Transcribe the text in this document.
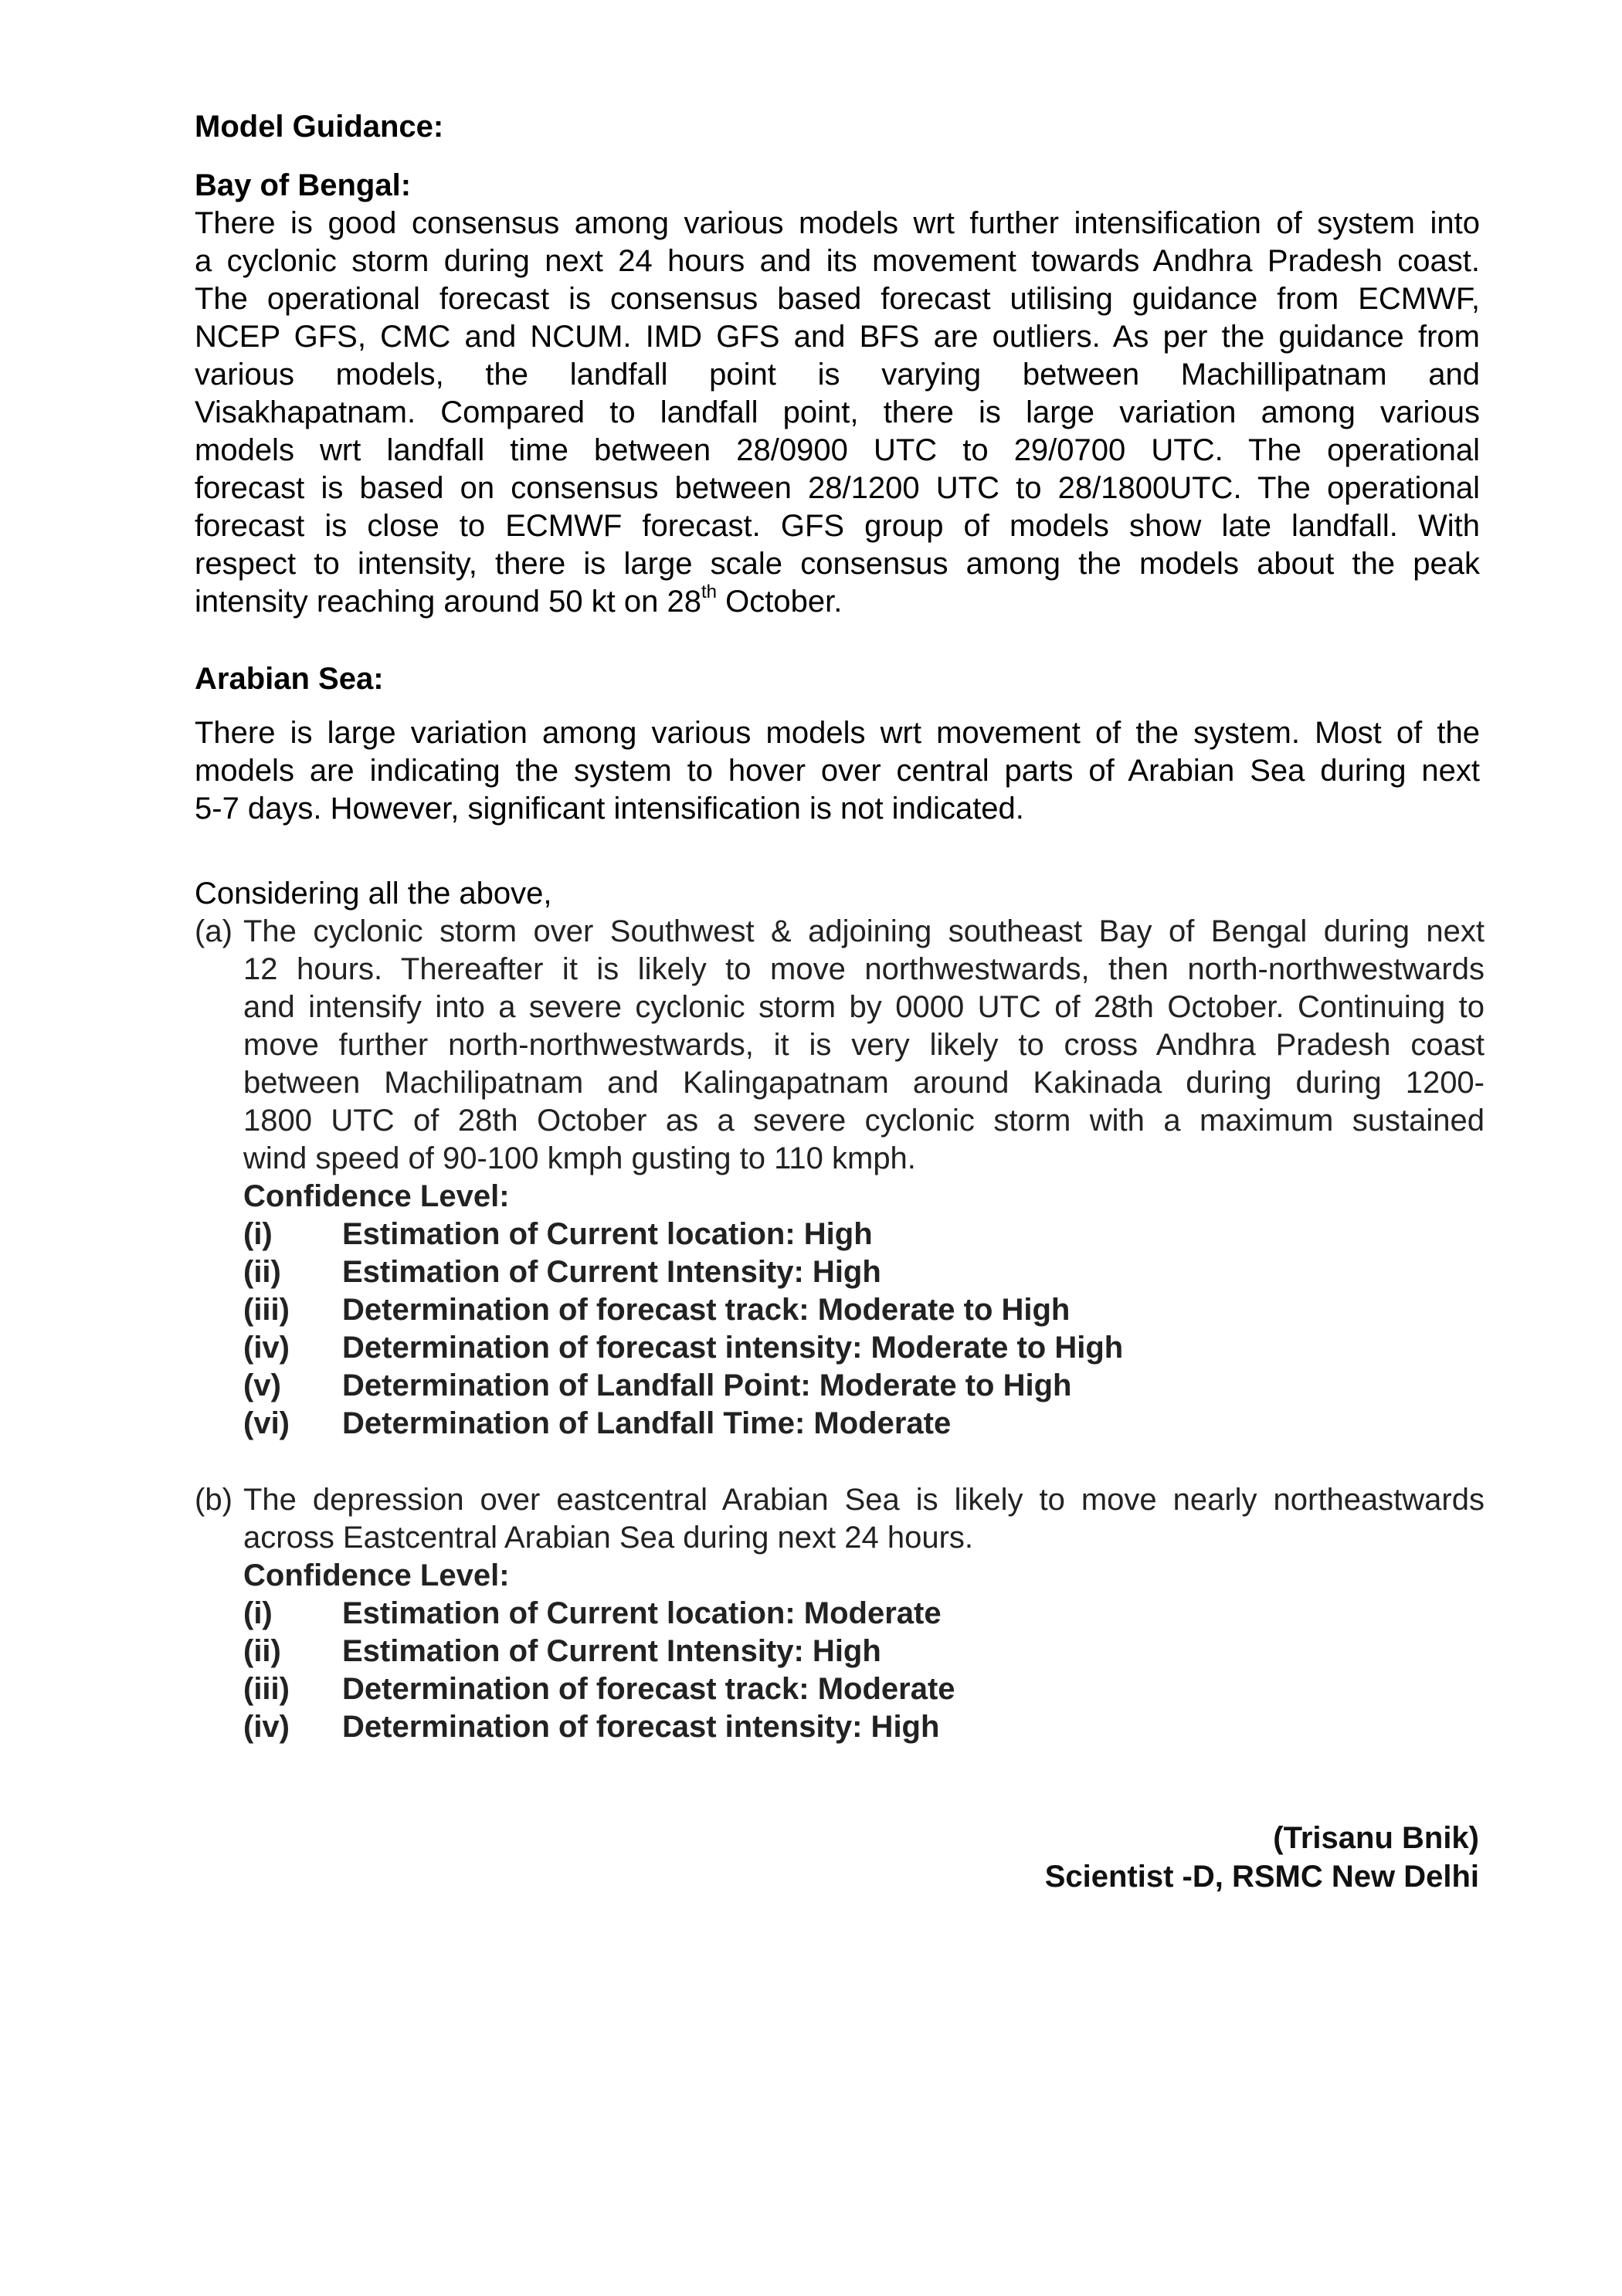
Model Guidance:
Bay of Bengal:
There is good consensus among various models wrt further intensification of system into
a cyclonic storm during next 24 hours and its movement towards Andhra Pradesh coast.
The operational forecast is consensus based forecast utilising guidance from ECMWF,
NCEP GFS, CMC and NCUM. IMD GFS and BFS are outliers. As per the guidance from
various models, the landfall point is varying between Machillipatnam and
Visakhapatnam. Compared to landfall point, there is large variation among various
models wrt landfall time between 28/0900 UTC to 29/0700 UTC. The operational
forecast is based on consensus between 28/1200 UTC to 28/1800UTC. The operational
forecast is close to ECMWF forecast. GFS group of models show late landfall. With
respect to intensity, there is large scale consensus among the models about the peak
intensity reaching around 50 kt on 28th October.
Arabian Sea:
There is large variation among various models wrt movement of the system. Most of the
models are indicating the system to hover over central parts of Arabian Sea during next
5-7 days. However, significant intensification is not indicated.
Considering all the above,
(a) The cyclonic storm over Southwest & adjoining southeast Bay of Bengal during next
12 hours. Thereafter it is likely to move northwestwards, then north-northwestwards
and intensify into a severe cyclonic storm by 0000 UTC of 28th October. Continuing to
move further north-northwestwards, it is very likely to cross Andhra Pradesh coast
between Machilipatnam and Kalingapatnam around Kakinada during during 1200-
1800 UTC of 28th October as a severe cyclonic storm with a maximum sustained
wind speed of 90-100 kmph gusting to 110 kmph.
Confidence Level:
(i)	Estimation of Current location: High
(ii)	Estimation of Current Intensity: High
(iii)	Determination of forecast track: Moderate to High
(iv)	Determination of forecast intensity: Moderate to High
(v)	Determination of Landfall Point: Moderate to High
(vi)	Determination of Landfall Time: Moderate
(b) The depression over eastcentral Arabian Sea is likely to move nearly northeastwards
across Eastcentral Arabian Sea during next 24 hours.
Confidence Level:
(i)	Estimation of Current location: Moderate
(ii)	Estimation of Current Intensity: High
(iii)	Determination of forecast track: Moderate
(iv)	Determination of forecast intensity: High
(Trisanu Bnik)
Scientist -D, RSMC New Delhi
